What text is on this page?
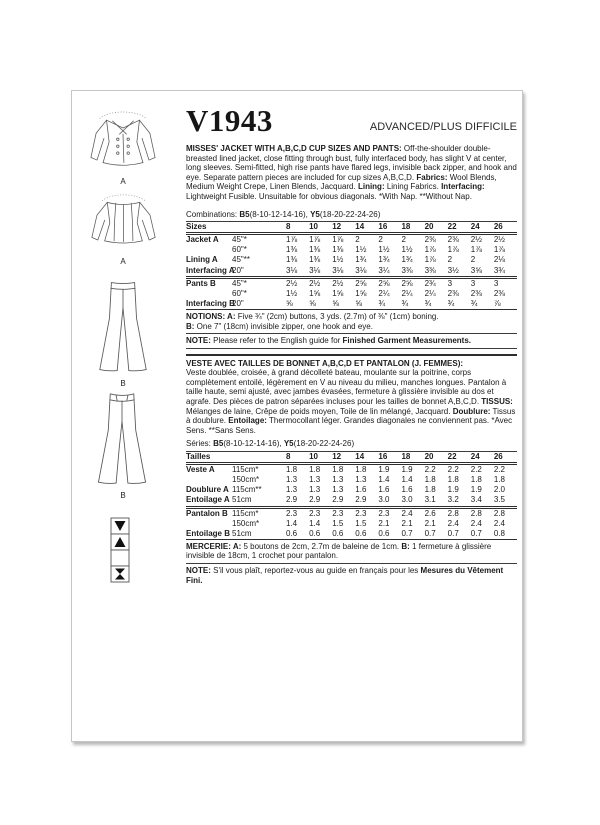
A
A
B
B
V1943	ADVANCED/PLUS DIFFICILE

MISSES' JACKET WITH A,B,C,D CUP SIZES AND PANTS: Off-the-shoulder double-breasted lined jacket, close fitting through bust, fully interfaced body, has slight V at center, long sleeves. Semi-fitted, high rise pants have flared legs, invisible back zipper, and hook and eye. Separate pattern pieces are included for cup sizes A,B,C,D. Fabrics: Wool Blends, Medium Weight Crepe, Linen Blends, Jacquard. Lining: Lining Fabrics. Interfacing: Lightweight Fusible. Unsuitable for obvious diagonals. *With Nap. **Without Nap.

Combinations: B5(8-10-12-14-16), Y5(18-20-22-24-26)
Sizes		8	10	12	14	16	18	20	22	24	26
Jacket A	45"*	1⅞	1⅞	1⅞	2	2	2	2⅜	2⅜	2½	2½
	60"*	1⅜	1⅜	1⅜	1½	1½	1½	1⅞	1⅞	1⅞	1⅞
Lining A	45"**	1⅜	1⅜	1½	1¾	1¾	1¾	1⅞	2	2	2⅛
Interfacing A	20"	3⅛	3⅛	3⅛	3⅛	3¼	3⅜	3⅜	3½	3⅝	3¾
Pants B	45"*	2½	2½	2½	2⅝	2⅝	2⅝	2¾	3	3	3
	60"*	1½	1⅝	1⅝	1⅝	2¼	2¼	2¼	2⅜	2⅜	2⅜
Interfacing B	20"	⅝	⅝	⅝	⅝	¾	¾	¾	¾	¾	⅞
NOTIONS: A: Five ¾" (2cm) buttons, 3 yds. (2.7m) of ⅜" (1cm) boning.
B: One 7" (18cm) invisible zipper, one hook and eye.
NOTE: Please refer to the English guide for Finished Garment Measurements.
VESTE AVEC TAILLES DE BONNET A,B,C,D ET PANTALON (J. FEMMES):

Veste doublée, croisée, à grand décolleté bateau, moulante sur la poitrine, corps complètement entoilé, légèrement en V au niveau du milieu, manches longues. Pantalon à taille haute, semi ajusté, avec jambes évasées, fermeture à glissière invisible au dos et agrafe. Des pièces de patron séparées incluses pour les tailles de bonnet A,B,C,D. TISSUS: Mélanges de laine, Crêpe de poids moyen, Toile de lin mélangé, Jacquard. Doublure: Tissus à doublure. Entoilage: Thermocollant léger. Grandes diagonales ne conviennent pas. *Avec Sens. **Sans Sens.

Séries: B5(8-10-12-14-16), Y5(18-20-22-24-26)
Tailles		8	10	12	14	16	18	20	22	24	26
Veste A	115cm*	1.8	1.8	1.8	1.8	1.9	1.9	2.2	2.2	2.2	2.2
	150cm*	1.3	1.3	1.3	1.3	1.4	1.4	1.8	1.8	1.8	1.8
Doublure A	115cm**	1.3	1.3	1.3	1.6	1.6	1.6	1.8	1.9	1.9	2.0
Entoilage A	51cm	2.9	2.9	2.9	2.9	3.0	3.0	3.1	3.2	3.4	3.5
Pantalon B	115cm*	2.3	2.3	2.3	2.3	2.3	2.4	2.6	2.8	2.8	2.8
	150cm*	1.4	1.4	1.5	1.5	2.1	2.1	2.1	2.4	2.4	2.4
Entoilage B	51cm	0.6	0.6	0.6	0.6	0.6	0.7	0.7	0.7	0.7	0.8
MERCERIE: A: 5 boutons de 2cm, 2.7m de baleine de 1cm. B: 1 fermeture à glissière invisible de 18cm, 1 crochet pour pantalon.
NOTE: S'il vous plaît, reportez-vous au guide en français pour les Mesures du Vêtement Fini.
